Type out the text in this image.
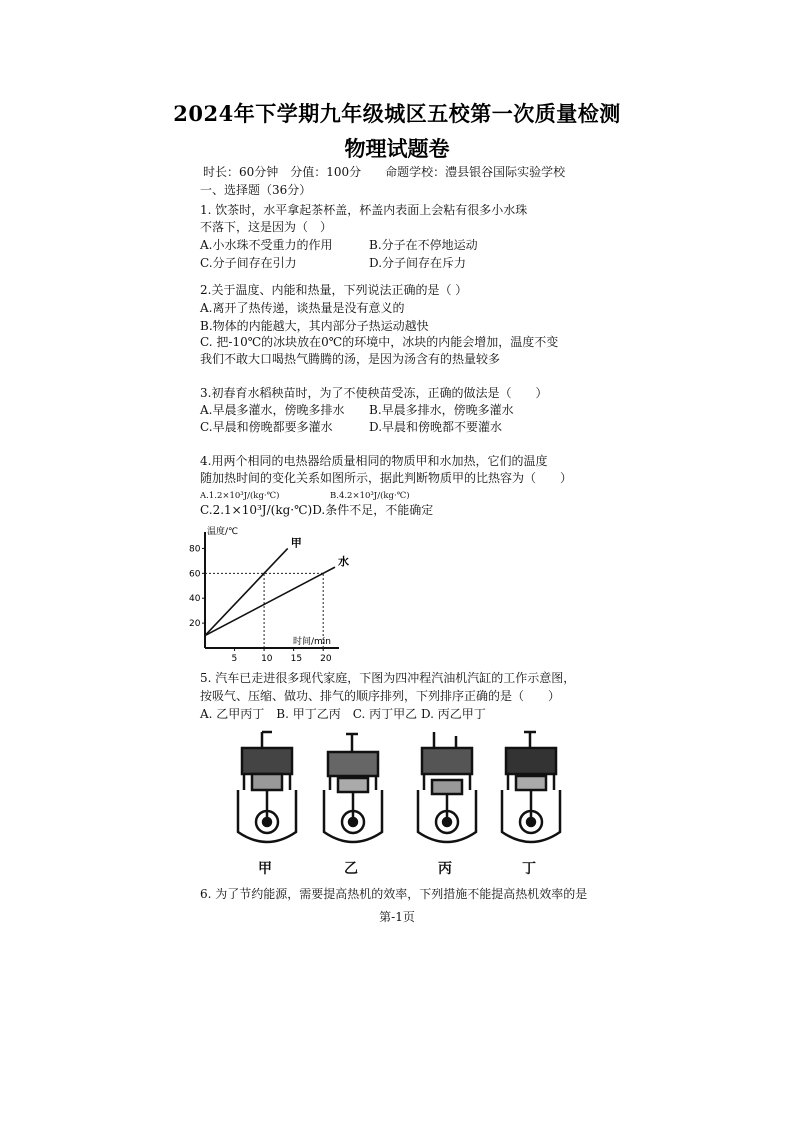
2024年下学期九年级城区五校第一次质量检测
物理试题卷
时长：60分钟　分值：100分　　命题学校：澧县银谷国际实验学校
一、选择题（36分）
1. 饮茶时，水平拿起茶杯盖，杯盖内表面上会粘有很多小水珠
不落下，这是因为（　）
A.小水珠不受重力的作用	B.分子在不停地运动
C.分子间存在引力	D.分子间存在斥力
2.关于温度、内能和热量，下列说法正确的是（ ）
A.离开了热传递，谈热量是没有意义的
B.物体的内能越大，其内部分子热运动越快
C. 把-10℃的冰块放在0℃的环境中，冰块的内能会增加，温度不变
我们不敢大口喝热气腾腾的汤，是因为汤含有的热量较多
3.初春育水稻秧苗时，为了不使秧苗受冻，正确的做法是（　　）
A.早晨多灌水，傍晚多排水 B.早晨多排水，傍晚多灌水
C.早晨和傍晚都要多灌水	D.早晨和傍晚都不要灌水
4.用两个相同的电热器给质量相同的物质甲和水加热，它们的温度
随加热时间的变化关系如图所示，据此判断物质甲的比热容为（　　）
A.1.2×10³J/(kg·℃)	B.4.2×10³J/(kg·℃)
C.2.1×10³J/(kg·℃)D.条件不足，不能确定
温度/℃
时间/min
5	10 15 20
20
40
60
80	甲
水
5. 汽车已走进很多现代家庭，下图为四冲程汽油机汽缸的工作示意图，
按吸气、压缩、做功、排气的顺序排列，下列排序正确的是（　　）
A. 乙甲丙丁　B. 甲丁乙丙　C. 丙丁甲乙 D. 丙乙甲丁
甲	乙	丙	丁
6. 为了节约能源，需要提高热机的效率，下列措施不能提高热机效率的是
第-1页
